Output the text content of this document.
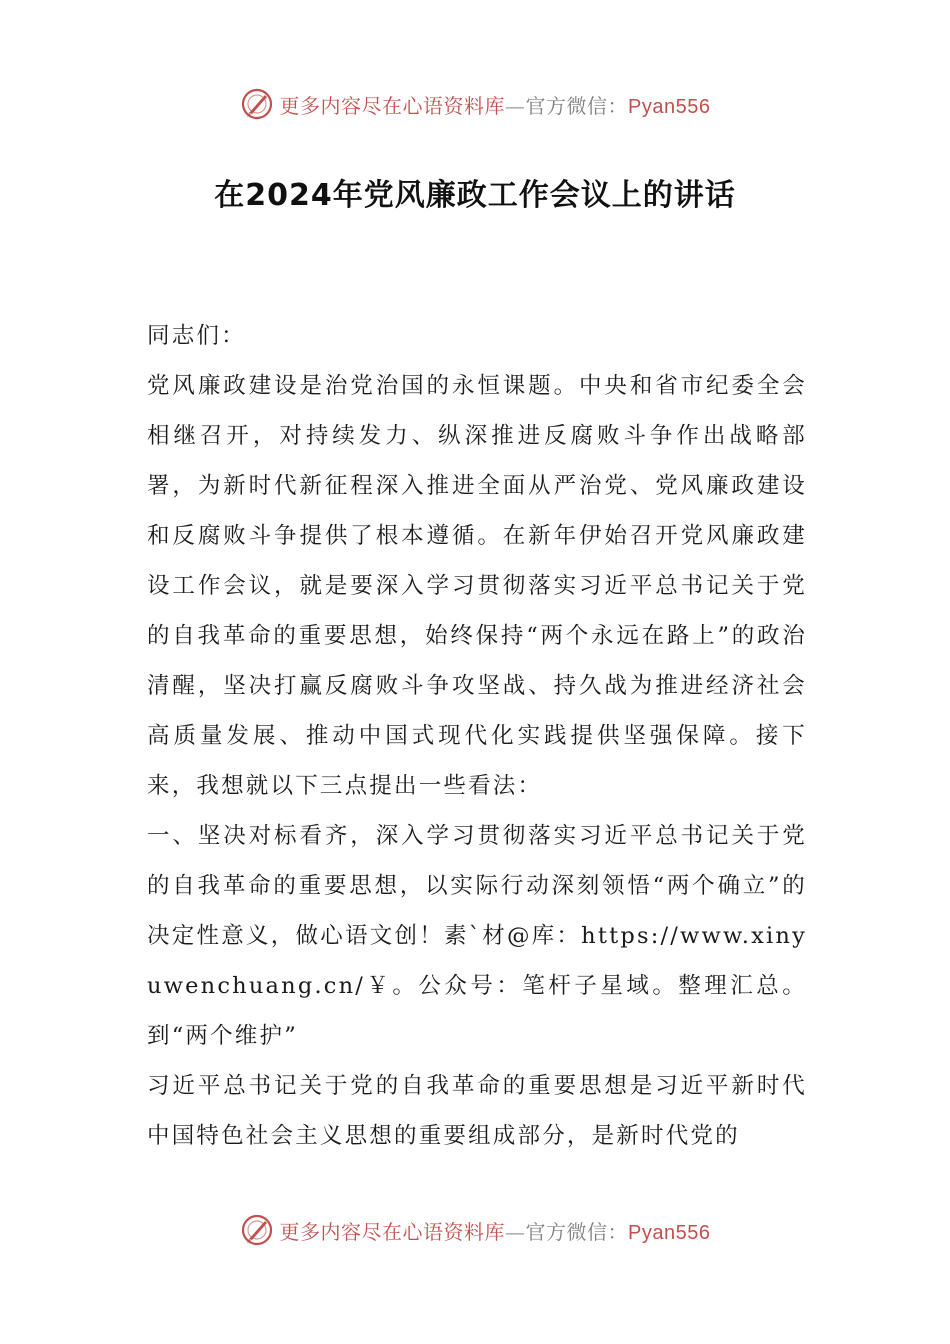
更多内容尽在心语资料库—官方微信：Pyan556
在2024年党风廉政工作会议上的讲话

同志们：

党风廉政建设是治党治国的永恒课题。中央和省市纪委全会相继召开，对持续发力、纵深推进反腐败斗争作出战略部署，为新时代新征程深入推进全面从严治党、党风廉政建设和反腐败斗争提供了根本遵循。在新年伊始召开党风廉政建设工作会议，就是要深入学习贯彻落实习近平总书记关于党的自我革命的重要思想，始终保持“两个永远在路上”的政治清醒，坚决打赢反腐败斗争攻坚战、持久战为推进经济社会高质量发展、推动中国式现代化实践提供坚强保障。接下来，我想就以下三点提出一些看法：

一、坚决对标看齐，深入学习贯彻落实习近平总书记关于党的自我革命的重要思想，以实际行动深刻领悟“两个确立”的决定性意义，做心语文创！素`材@库：https://www.xinyuwenchuang.cn/￥。公众号：笔杆子星域。整理汇总。到“两个维护”

习近平总书记关于党的自我革命的重要思想是习近平新时代中国特色社会主义思想的重要组成部分，是新时代党的

更多内容尽在心语资料库—官方微信：Pyan556
